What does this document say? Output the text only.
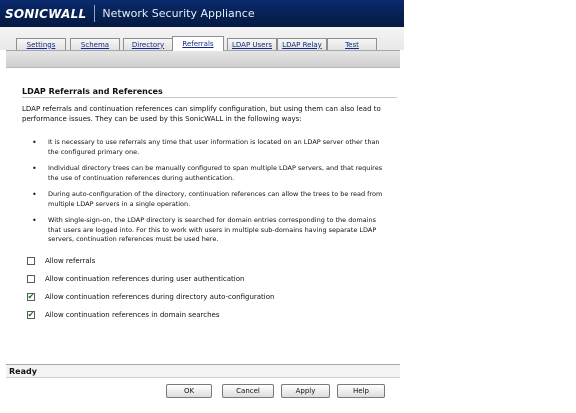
SONICWALL Network Security Appliance
Settings	Schema	Directory	Referrals	LDAP Users	LDAP Relay	Test
LDAP Referrals and References
LDAP referrals and continuation references can simplify configuration, but using them can also lead to performance issues. They can be used by this SonicWALL in the following ways:
• It is necessary to use referrals any time that user information is located on an LDAP server other than the configured primary one.
• Individual directory trees can be manually configured to span multiple LDAP servers, and that requires the use of continuation references during authentication.
• During auto-configuration of the directory, continuation references can allow the trees to be read from multiple LDAP servers in a single operation.
• With single-sign-on, the LDAP directory is searched for domain entries corresponding to the domains that users are logged into. For this to work with users in multiple sub-domains having separate LDAP servers, continuation references must be used here.
Allow referrals
Allow continuation references during user authentication
✔ Allow continuation references during directory auto-configuration
✔ Allow continuation references in domain searches
Ready
OK	Cancel	Apply	Help
